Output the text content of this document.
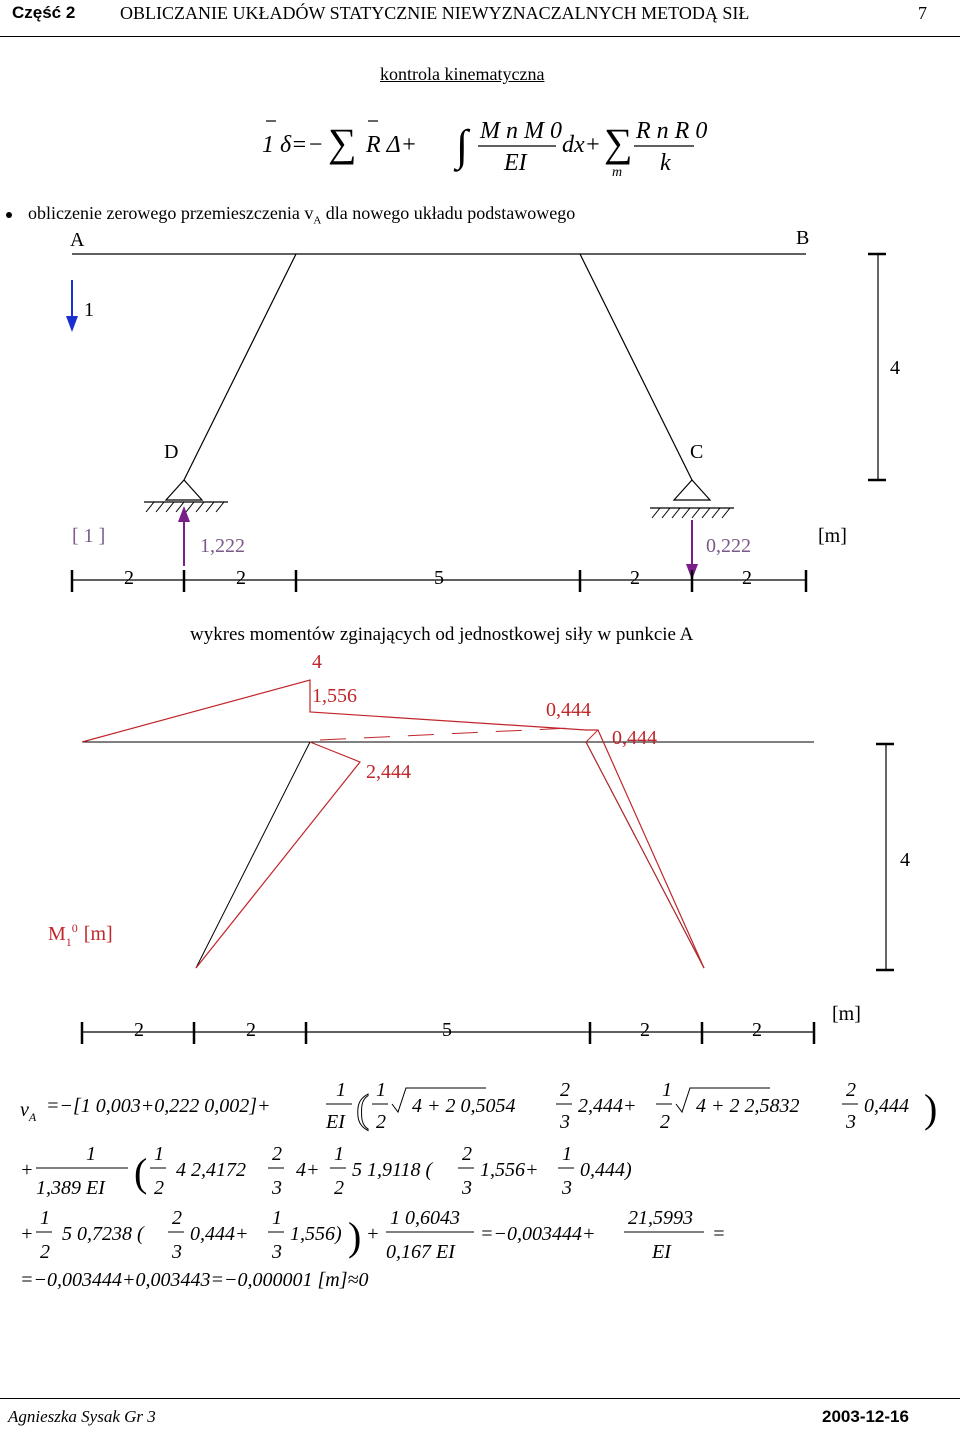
Część 2 OBLICZANIE UKŁADÓW STATYCZNIE NIEWYZNACZALNYCH METODĄ SIŁ	7
kontrola kinematyczna
1 δ=− ∑ R Δ+ ∫ M n M 0
EI
dx+ ∑
m
R n R 0
k
A	B
D	C
1
1,222	0,222
[ 1 ]	[m]
4
2	2	5	2	2
4
1,556
0,444
0,444
2,444
4
$M_1^0$ [m]
[m]
2	2	5	2	2
$v_A =-[1$ 0,003+0,222 0,002]+
1
EI ( 1
2
4 + 2 0,5054
2
3
2,444+
1
2
4 + 2 2,5832
2
3
0,444 )
+
1
1,389 EI ( 1
2
4 2,4172
2
3
4+
1
2
5 1,9118 (
2
3
1,556+
1
3
0,444)
+
1
2
5 0,7238 (
2
3
0,444+
1
3
1,556) ) +
1 0,6043
0,167 EI
=−0,003444+
21,5993
EI
=
=−0,003444+0,003443=−0,000001 [m]≈0
obliczenie zerowego przemieszczenia $v_A$ dla nowego układu podstawowego
wykres momentów zginających od jednostkowej siły w punkcie A
Agnieszka Sysak Gr 3	2003-12-16
